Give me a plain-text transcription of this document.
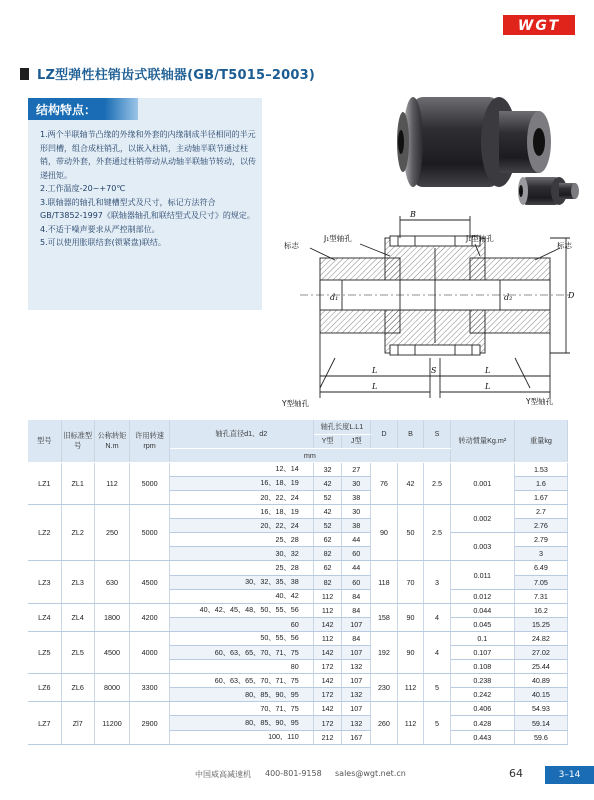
WGT
LZ型弹性柱销齿式联轴器(GB/T5015–2003)
结构特点：
1.两个半联轴节凸缘的外缘和外套的内缘制成半径相同的半元形凹槽，组合成柱销孔，以嵌入柱销，主动轴半联节通过柱销，带动外套，外套通过柱销带动从动轴半联轴节转动，以传递扭矩。
2.工作温度-20~+70℃
3.联轴器的轴孔和键槽型式及尺寸，标记方法符合GB/T3852-1997《联轴器轴孔和联结型式及尺寸》的规定。
4.不适于噪声要求从严控制部位。
5.可以使用胀联结套(锁紧盘)联结。
B
D
d₁	d₂
L	L
S
L	L
标志	标志
J₁型轴孔	J₁型轴孔
Y型轴孔	Y型轴孔
型号	旧标准型号	公称转矩N.m	许用转速rpm	轴孔直径d1、d2	轴孔长度L.L1		D	B	S	转动惯量Kg.m²	重量kg
					Y型	J型					
				mm							
LZ1	ZL1	112	5000	12、14	32	27	76	42	2.5	0.001	1.53
				16、18、19	42	30					1.6
				20、22、24	52	38					1.67
LZ2	ZL2	250	5000	16、18、19	42	30	90	50	2.5	0.002	2.7
				20、22、24	52	38					2.76
				25、28	62	44				0.003	2.79
				30、32	82	60					3
LZ3	ZL3	630	4500	25、28	62	44	118	70	3	0.011	6.49
				30、32、35、38	82	60					7.05
				40、42	112	84				0.012	7.31
LZ4	ZL4	1800	4200	40、42、45、48、50、55、56	112	84	158	90	4	0.044	16.2
				60	142	107				0.045	15.25
LZ5	ZL5	4500	4000	50、55、56	112	84	192	90	4	0.1	24.82
				60、63、65、70、71、75	142	107				0.107	27.02
				80	172	132				0.108	25.44
LZ6	ZL6	8000	3300	60、63、65、70、71、75	142	107	230	112	5	0.238	40.89
				80、85、90、95	172	132				0.242	40.15
LZ7	Zl7	11200	2900	70、71、75	142	107	260	112	5	0.406	54.93
				80、85、90、95	172	132				0.428	59.14
				100、110	212	167				0.443	59.6
中国威高减速机 400-801-9158 sales@wgt.net.cn	64	3–14
